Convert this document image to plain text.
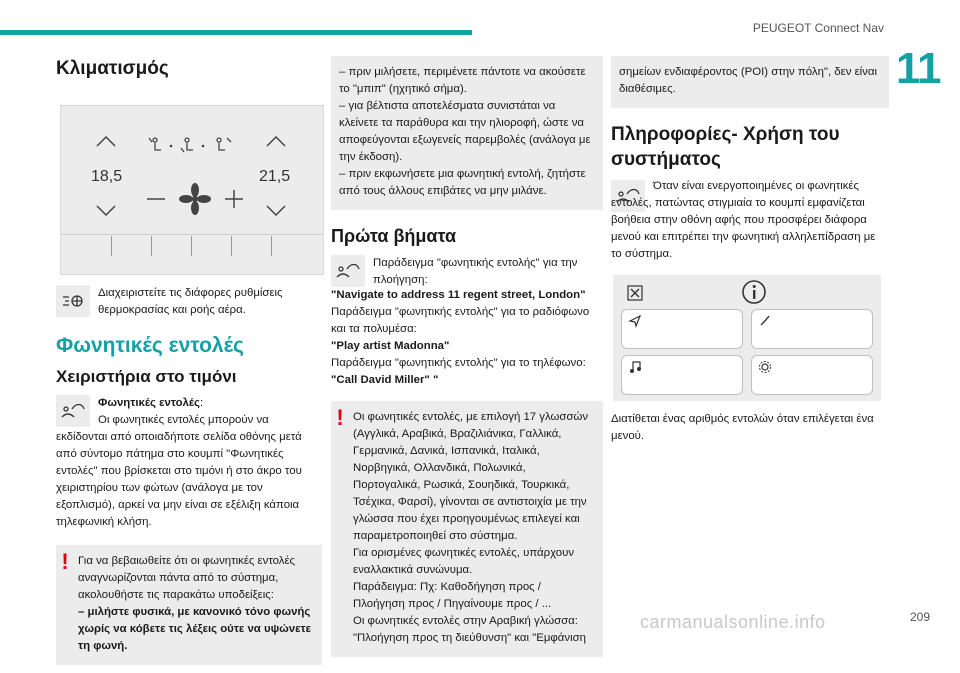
PEUGEOT Connect Nav
11
Κλιματισμός
18,5	21,5

Διαχειριστείτε τις διάφορες ρυθμίσεις θερμοκρασίας και ροής αέρα.

Φωνητικές εντολές
Χειριστήρια στο τιμόνι

Φωνητικές εντολές:

Οι φωνητικές εντολές μπορούν να εκδίδονται από οποιαδήποτε σελίδα οθόνης μετά από σύντομο πάτημα στο κουμπί "Φωνητικές εντολές" που βρίσκεται στο τιμόνι ή στο άκρο του χειριστηρίου των φώτων (ανάλογα με τον εξοπλισμό), αρκεί να μην είναι σε εξέλιξη κάποια τηλεφωνική κλήση.

! Για να βεβαιωθείτε ότι οι φωνητικές εντολές αναγνωρίζονται πάντα από το σύστημα, ακολουθήστε τις παρακάτω υποδείξεις:

– μιλήστε φυσικά, με κανονικό τόνο φωνής χωρίς να κόβετε τις λέξεις ούτε να υψώνετε τη φωνή.

– πριν μιλήσετε, περιμένετε πάντοτε να ακούσετε το "μπιπ" (ηχητικό σήμα).

– για βέλτιστα αποτελέσματα συνιστάται να κλείνετε τα παράθυρα και την ηλιοροφή, ώστε να αποφεύγονται εξωγενείς παρεμβολές (ανάλογα με την έκδοση).

– πριν εκφωνήσετε μια φωνητική εντολή, ζητήστε από τους άλλους επιβάτες να μην μιλάνε.

Πρώτα βήματα

Παράδειγμα "φωνητικής εντολής" για την πλοήγηση:

"Navigate to address 11 regent street, London"

Παράδειγμα "φωνητικής εντολής" για το ραδιόφωνο και τα πολυμέσα:

"Play artist Madonna"

Παράδειγμα "φωνητικής εντολής" για το τηλέφωνο:

"Call David Miller" "

! Οι φωνητικές εντολές, με επιλογή 17 γλωσσών (Αγγλικά, Αραβικά, Βραζιλιάνικα, Γαλλικά, Γερμανικά, Δανικά, Ισπανικά, Ιταλικά, Νορβηγικά, Ολλανδικά, Πολωνικά, Πορτογαλικά, Ρωσικά, Σουηδικά, Τουρκικά, Τσέχικα, Φαρσί), γίνονται σε αντιστοιχία με την γλώσσα που έχει προηγουμένως επιλεγεί και παραμετροποιηθεί στο σύστημα.

Για ορισμένες φωνητικές εντολές, υπάρχουν εναλλακτικά συνώνυμα.

Παράδειγμα: Πχ: Καθοδήγηση προς / Πλοήγηση προς / Πηγαίνουμε προς / ...

Οι φωνητικές εντολές στην Αραβική γλώσσα: "Πλοήγηση προς τη διεύθυνση" και "Εμφάνιση

σημείων ενδιαφέροντος (POI) στην πόλη", δεν είναι διαθέσιμες.

Πληροφορίες- Χρήση του συστήματος

Όταν είναι ενεργοποιημένες οι φωνητικές εντολές, πατώντας στιγμιαία το κουμπί εμφανίζεται βοήθεια στην οθόνη αφής που προσφέρει διάφορα μενού και επιτρέπει την φωνητική αλληλεπίδραση με το σύστημα.

Διατίθεται ένας αριθμός εντολών όταν επιλέγεται ένα μενού.

carmanualsonline.info	209
